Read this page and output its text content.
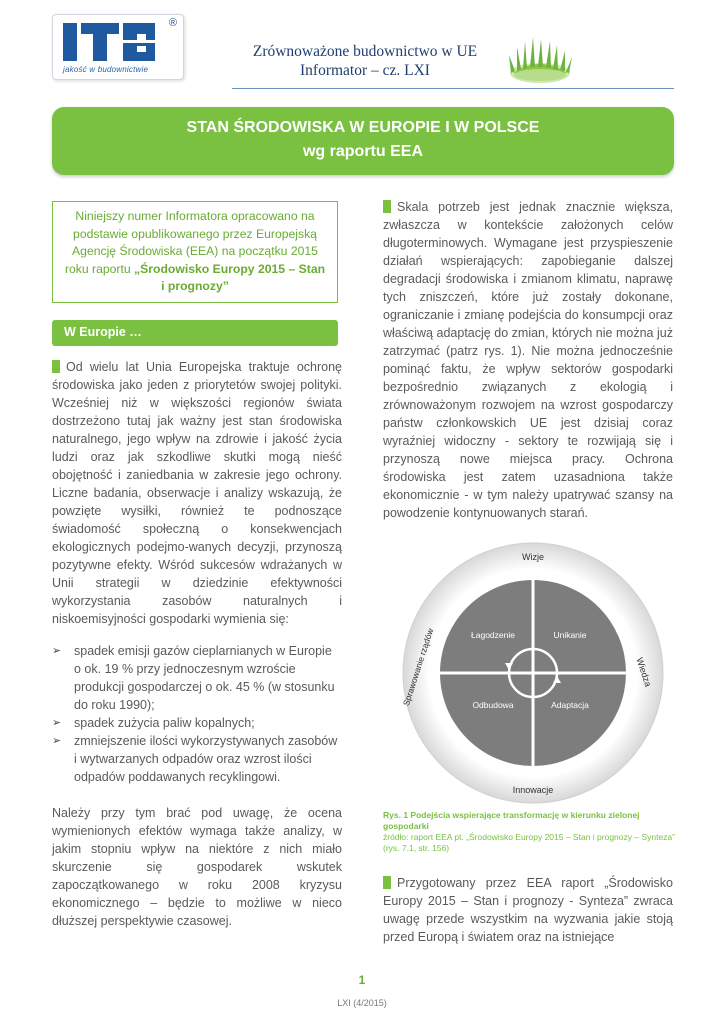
®
jakość w budownictwie
Zrównoważone budownictwo w UE
Informator – cz. LXI
STAN ŚRODOWISKA W EUROPIE I W POLSCE
wg raportu EEA
Niniejszy numer Informatora opracowano na podstawie opublikowanego przez Europejską Agencję Środowiska (EEA) na początku 2015 roku raportu „Środowisko Europy 2015 – Stan i prognozy”
W Europie …
Od wielu lat Unia Europejska traktuje ochronę środowiska jako jeden z priorytetów swojej polityki. Wcześniej niż w większości regionów świata dostrzeżono tutaj jak ważny jest stan środowiska naturalnego, jego wpływ na zdrowie i jakość życia ludzi oraz jak szkodliwe skutki mogą nieść obojętność i zaniedbania w zakresie jego ochrony. Liczne badania, obserwacje i analizy wskazują, że powzięte wysiłki, również te podnoszące świadomość społeczną o konsekwencjach ekologicznych podejmo-wanych decyzji, przynoszą pozytywne efekty. Wśród sukcesów wdrażanych w Unii strategii w dziedzinie efektywności wykorzystania zasobów naturalnych i niskoemisyjności gospodarki wymienia się:
➢ spadek emisji gazów cieplarnianych w Europie o ok. 19 % przy jednoczesnym wzroście produkcji gospodarczej o ok. 45 % (w stosunku do roku 1990);
➢ spadek zużycia paliw kopalnych;
➢ zmniejszenie ilości wykorzystywanych zasobów i wytwarzanych odpadów oraz wzrost ilości odpadów poddawanych recyklingowi.
Należy przy tym brać pod uwagę, że ocena wymienionych efektów wymaga także analizy, w jakim stopniu wpływ na niektóre z nich miało skurczenie się gospodarek wskutek zapoczątkowanego w roku 2008 kryzysu ekonomicznego – będzie to możliwe w nieco dłuższej perspektywie czasowej.
Skala potrzeb jest jednak znacznie większa, zwłaszcza w kontekście założonych celów długoterminowych. Wymagane jest przyspieszenie działań wspierających: zapobieganie dalszej degradacji środowiska i zmianom klimatu, naprawę tych zniszczeń, które już zostały dokonane, ograniczanie i zmianę podejścia do konsumpcji oraz właściwą adaptację do zmian, których nie można już zatrzymać (patrz rys. 1). Nie można jednocześnie pominąć faktu, że wpływ sektorów gospodarki bezpośrednio związanych z ekologią i zrównoważonym rozwojem na wzrost gospodarczy państw członkowskich UE jest dzisiaj coraz wyraźniej widoczny - sektory te rozwijają się i przynoszą nowe miejsca pracy. Ochrona środowiska jest zatem uzasadniona także ekonomicznie - w tym należy upatrywać szansy na powodzenie kontynuowanych starań.
Łagodzenie	Unikanie
Odbudowa	Adaptacja
Wizje
Innowacje
Wiedza
Sprawowanie rządów
Rys. 1 Podejścia wspierające transformację w kierunku zielonej gospodarki
źródło: raport EEA pt. „Środowisko Europy 2015 – Stan i prognozy – Synteza” (rys. 7.1, str. 156)
Przygotowany przez EEA raport „Środowisko Europy 2015 – Stan i prognozy - Synteza” zwraca uwagę przede wszystkim na wyzwania jakie stoją przed Europą i światem oraz na istniejące
1
LXI (4/2015)
